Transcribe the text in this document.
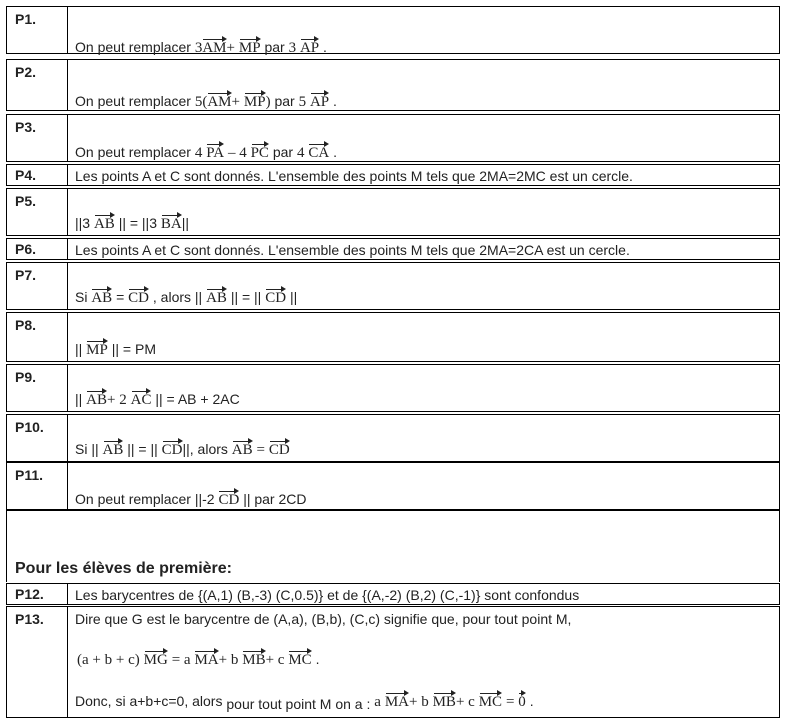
P1.
On peut remplacer 3AM+ MP par 3 AP .
P2.
On peut remplacer 5(AM+ MP) par 5 AP .
P3.
On peut remplacer 4 PA – 4 PC par 4 CA .
P4.	Les points A et C sont donnés. L'ensemble des points M tels que 2MA=2MC est un cercle.
P5.
||3 AB || = ||3 BA||
P6.	Les points A et C sont donnés. L'ensemble des points M tels que 2MA=2CA est un cercle.
P7.
Si AB = CD , alors || AB || = || CD ||
P8.
|| MP || = PM
P9.
|| AB+ 2 AC || = AB + 2AC
P10.
Si || AB || = || CD||, alors AB = CD
P11.
On peut remplacer ||-2 CD || par 2CD
Pour les élèves de première:
P12.	Les barycentres de {(A,1) (B,-3) (C,0.5)} et de {(A,-2) (B,2) (C,-1)} sont confondus
P13.	Dire que G est le barycentre de (A,a), (B,b), (C,c) signifie que, pour tout point M,
(a + b + c) MG = a MA+ b MB+ c MC .
Donc, si a+b+c=0, alors pour tout point M on a : a MA+ b MB+ c MC = 0 .
